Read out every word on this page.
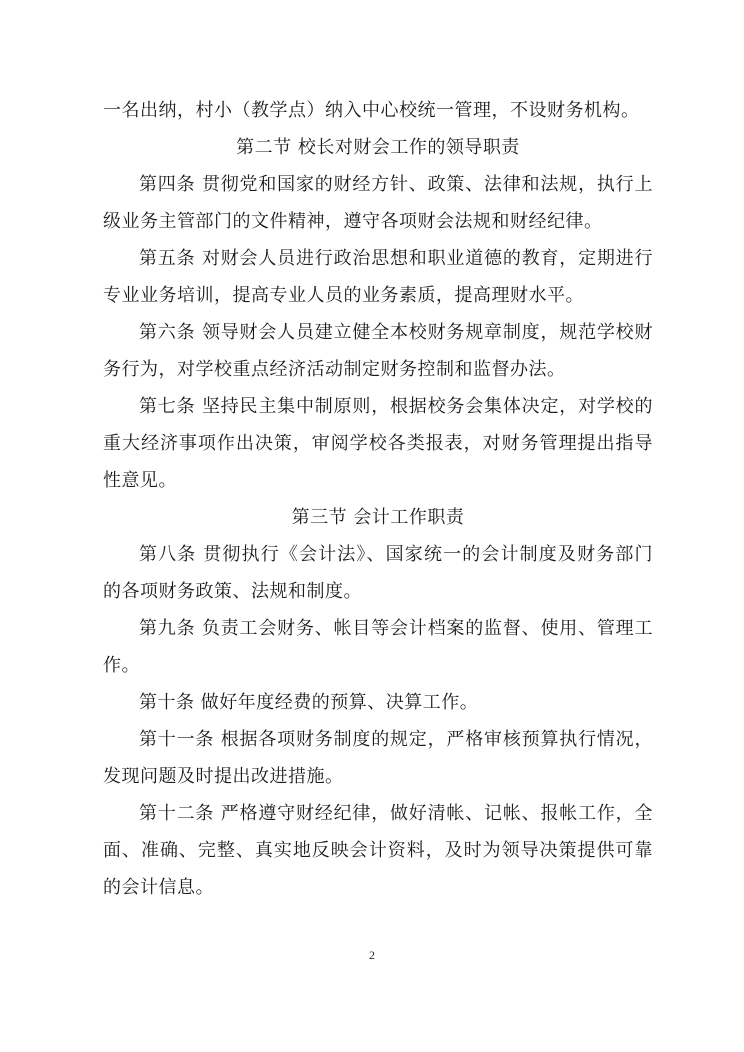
一名出纳，村小（教学点）纳入中心校统一管理，不设财务机构。

第二节 校长对财会工作的领导职责

第四条 贯彻党和国家的财经方针、政策、法律和法规，执行上级业务主管部门的文件精神，遵守各项财会法规和财经纪律。

第五条 对财会人员进行政治思想和职业道德的教育，定期进行专业业务培训，提高专业人员的业务素质，提高理财水平。

第六条 领导财会人员建立健全本校财务规章制度，规范学校财务行为，对学校重点经济活动制定财务控制和监督办法。

第七条 坚持民主集中制原则，根据校务会集体决定，对学校的重大经济事项作出决策，审阅学校各类报表，对财务管理提出指导性意见。

第三节 会计工作职责

第八条 贯彻执行《会计法》、国家统一的会计制度及财务部门的各项财务政策、法规和制度。

第九条 负责工会财务、帐目等会计档案的监督、使用、管理工作。

第十条 做好年度经费的预算、决算工作。

第十一条 根据各项财务制度的规定，严格审核预算执行情况，发现问题及时提出改进措施。

第十二条 严格遵守财经纪律，做好清帐、记帐、报帐工作，全面、准确、完整、真实地反映会计资料，及时为领导决策提供可靠的会计信息。

2
